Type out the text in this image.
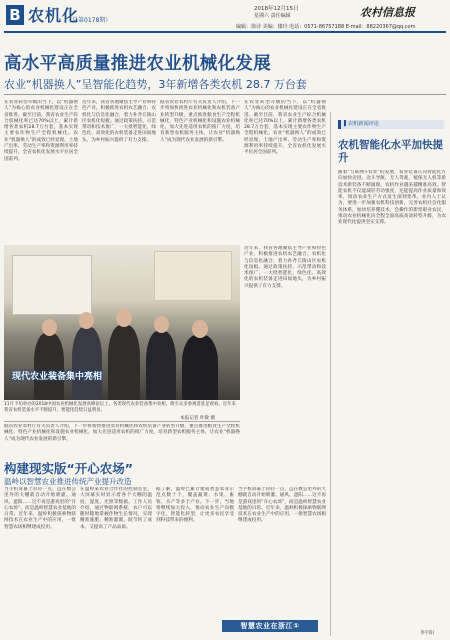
B 农机化
（总第0178期）
2018年12月15日
星期六 责任编辑	农村信息报
编辑：徐诗 美编：楼玲 电话：0571-86757188 E-mail：88220367@qq.com
高水平高质量推进农业机械化发展
农业“机器换人”呈智能化趋势，3年新增各类农机 28.7 万台套
在农业转型升级的当下，以“机器换人”为核心的农业机械化建设正在全省推进。截至目前，我省农业生产综合机械化率已达70%以上，累计新增各类农机28.7万台套，基本实现主要农作物生产全程机械化。农业“机器换人”的成效已经显现，土地产出率、劳动生产率和资源利用率持续提升，全省农机化发展水平位居全国前列。
近年来，我省各地聚焦主导产业和特色产业，积极推进农机农艺融合、农机化与信息化融合，着力补齐丘陵山区农机化短板。通过政策扶持、示范带动和技术推广，一大批智能化、绿色化、高效化的农机装备走进田间地头，为乡村振兴提供了有力支撑。
据省农业农村厅有关负责人介绍，下一步将加快推进农业机械化和农机装备产业转型升级，重点推进粮食生产全程机械化、特色产业机械化和设施农业机械化，加大先进适用农机的推广力度，培育新型农机服务主体，让农业“机器换人”成为现代农业发展的新引擎。
在农业转型升级的当下，以“机器换人”为核心的农业机械化建设正在全省推进。截至目前，我省农业生产综合机械化率已达70%以上，累计新增各类农机28.7万台套，基本实现主要农作物生产全程机械化。农业“机器换人”的成效已经显现，土地产出率、劳动生产率和资源利用率持续提升，全省农机化发展水平位居全国前列。
近年来，我省各地聚焦主导产业和特色产业，积极推进农机农艺融合、农机化与信息化融合，着力补齐丘陵山区农机化短板。通过政策扶持、示范带动和技术推广，一大批智能化、绿色化、高效化的农机装备走进田间地头，为乡村振兴提供了有力支撑。
现代农业装备集中亮相
11月下旬举办的2018中国农业机械化发展高峰论坛上，各类现代农业装备集中亮相，吸引众多参观者驻足观看。近年来我省农机装备水平不断提升，智能化趋势日益明显。
本报记者 叶敏 摄
据省农业农村厅有关负责人介绍，下一步将加快推进农业机械化和农机装备产业转型升级，重点推进粮食生产全程机械化、特色产业机械化和设施农业机械化，加大先进适用农机的推广力度，培育新型农机服务主体，让农业“机器换人”成为现代农业发展的新引擎。
构建现实版“开心农场”
温岭以智慧农业推进传统产业提升改造
当手机屏幕上轻轻一点，远在数公里外的大棚就自动开始喷灌、通风、遮阳……这不再是游戏里的“开心农场”，而是温岭智慧农业基地的日常。近年来，温岭积极探索物联网技术在农业生产中的应用，一批智慧农场相继建成投用。
在温岭某农业合作社的控制室里，大屏幕实时显示着各个大棚的温度、湿度、光照等数据。工作人员介绍，通过物联网系统，农户可以随时随地掌握作物生长情况，实现精准施肥、精准灌溉，既节约了成本，又提高了产品品质。
据了解，温岭已累计建成智慧农业示范点数十个，覆盖蔬菜、水果、畜牧、水产等多个产业。下一步，当地将继续加大投入，推动农业生产向数字化、智能化转型，让更多农民享受到科技带来的便利。
当手机屏幕上轻轻一点，远在数公里外的大棚就自动开始喷灌、通风、遮阳……这不再是游戏里的“开心农场”，而是温岭智慧农业基地的日常。近年来，温岭积极探索物联网技术在农业生产中的应用，一批智慧农场相继建成投用。
智慧农业在浙江①
▌农机新闻评论
农机智能化水平加快提升
随着“互联网+农业”的发展，农业装备正向智能化方向加快迈进。北斗导航、无人驾驶、植保无人机等新技术新装备不断涌现，农机作业越来越精准高效。智能农机不仅能减轻劳动强度，还能提高作业质量和效率，推动农业生产方式发生深刻变革。业内人士认为，要进一步加强农机科技创新，完善农机社会化服务体系，加快培养懂技术、会操作的新型职业农民，推动农业机械化向全程全面高质高效转型升级，为农业现代化提供坚实支撑。
李宇阳
